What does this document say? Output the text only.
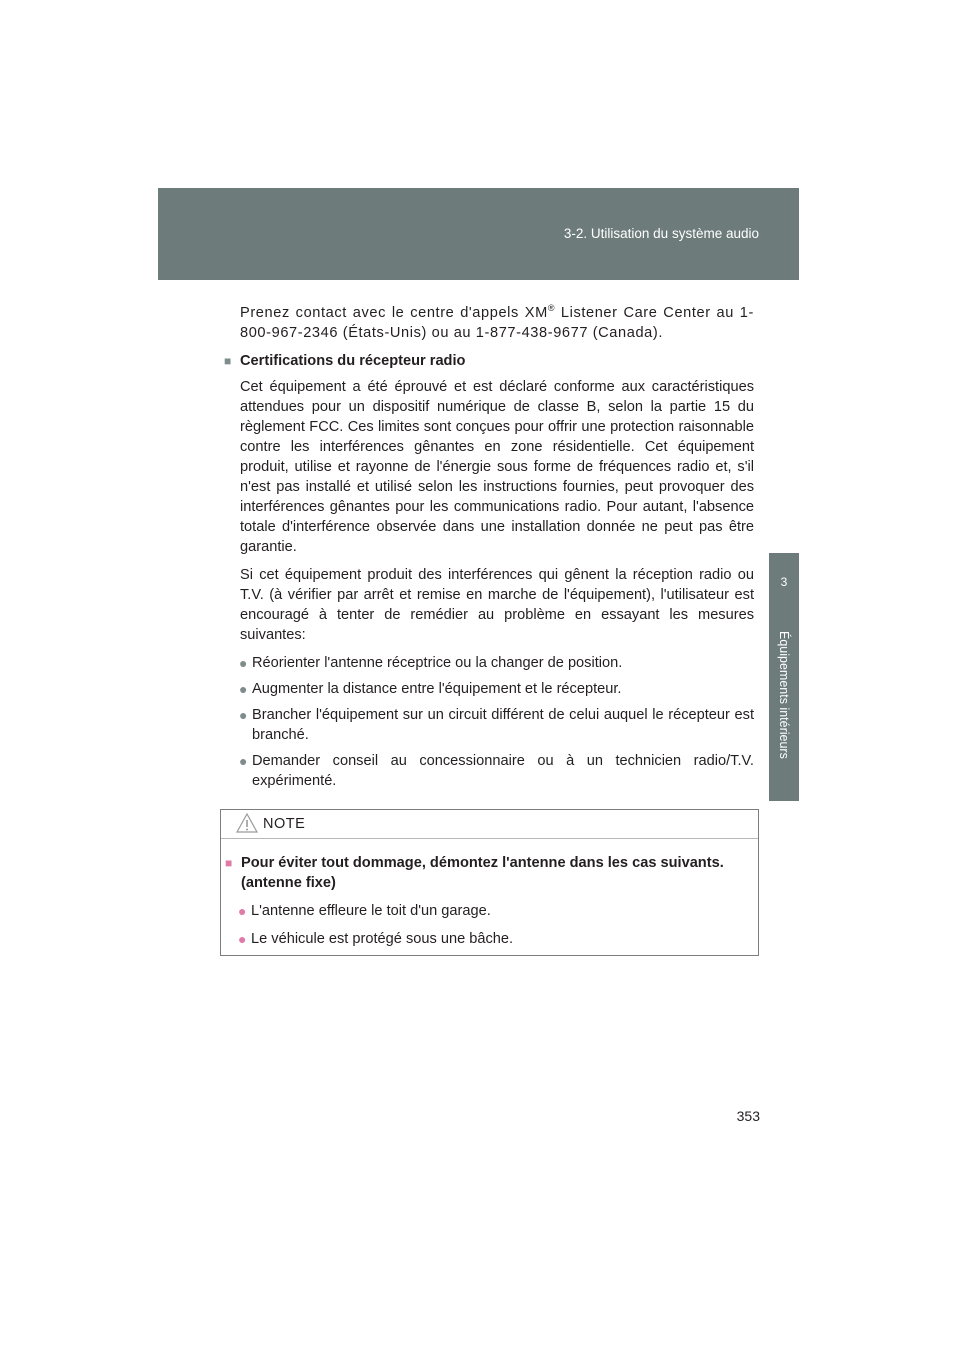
3-2. Utilisation du système audio
3
Équipements intérieurs

Prenez contact avec le centre d'appels XM® Listener Care Center au 1-800-967-2346 (États-Unis) ou au 1-877-438-9677 (Canada).

■ Certifications du récepteur radio

Cet équipement a été éprouvé et est déclaré conforme aux caractéristiques attendues pour un dispositif numérique de classe B, selon la partie 15 du règlement FCC. Ces limites sont conçues pour offrir une protection raisonnable contre les interférences gênantes en zone résidentielle. Cet équipement produit, utilise et rayonne de l'énergie sous forme de fréquences radio et, s'il n'est pas installé et utilisé selon les instructions fournies, peut provoquer des interférences gênantes pour les communications radio. Pour autant, l'absence totale d'interférence observée dans une installation donnée ne peut pas être garantie.

Si cet équipement produit des interférences qui gênent la réception radio ou T.V. (à vérifier par arrêt et remise en marche de l'équipement), l'utilisateur est encouragé à tenter de remédier au problème en essayant les mesures suivantes:

● Réorienter l'antenne réceptrice ou la changer de position.
● Augmenter la distance entre l'équipement et le récepteur.
● Brancher l'équipement sur un circuit différent de celui auquel le récepteur est branché.
● Demander conseil au concessionnaire ou à un technicien radio/T.V. expérimenté.
NOTE
■ Pour éviter tout dommage, démontez l'antenne dans les cas suivants. (antenne fixe)
● L'antenne effleure le toit d'un garage.
● Le véhicule est protégé sous une bâche.
353
